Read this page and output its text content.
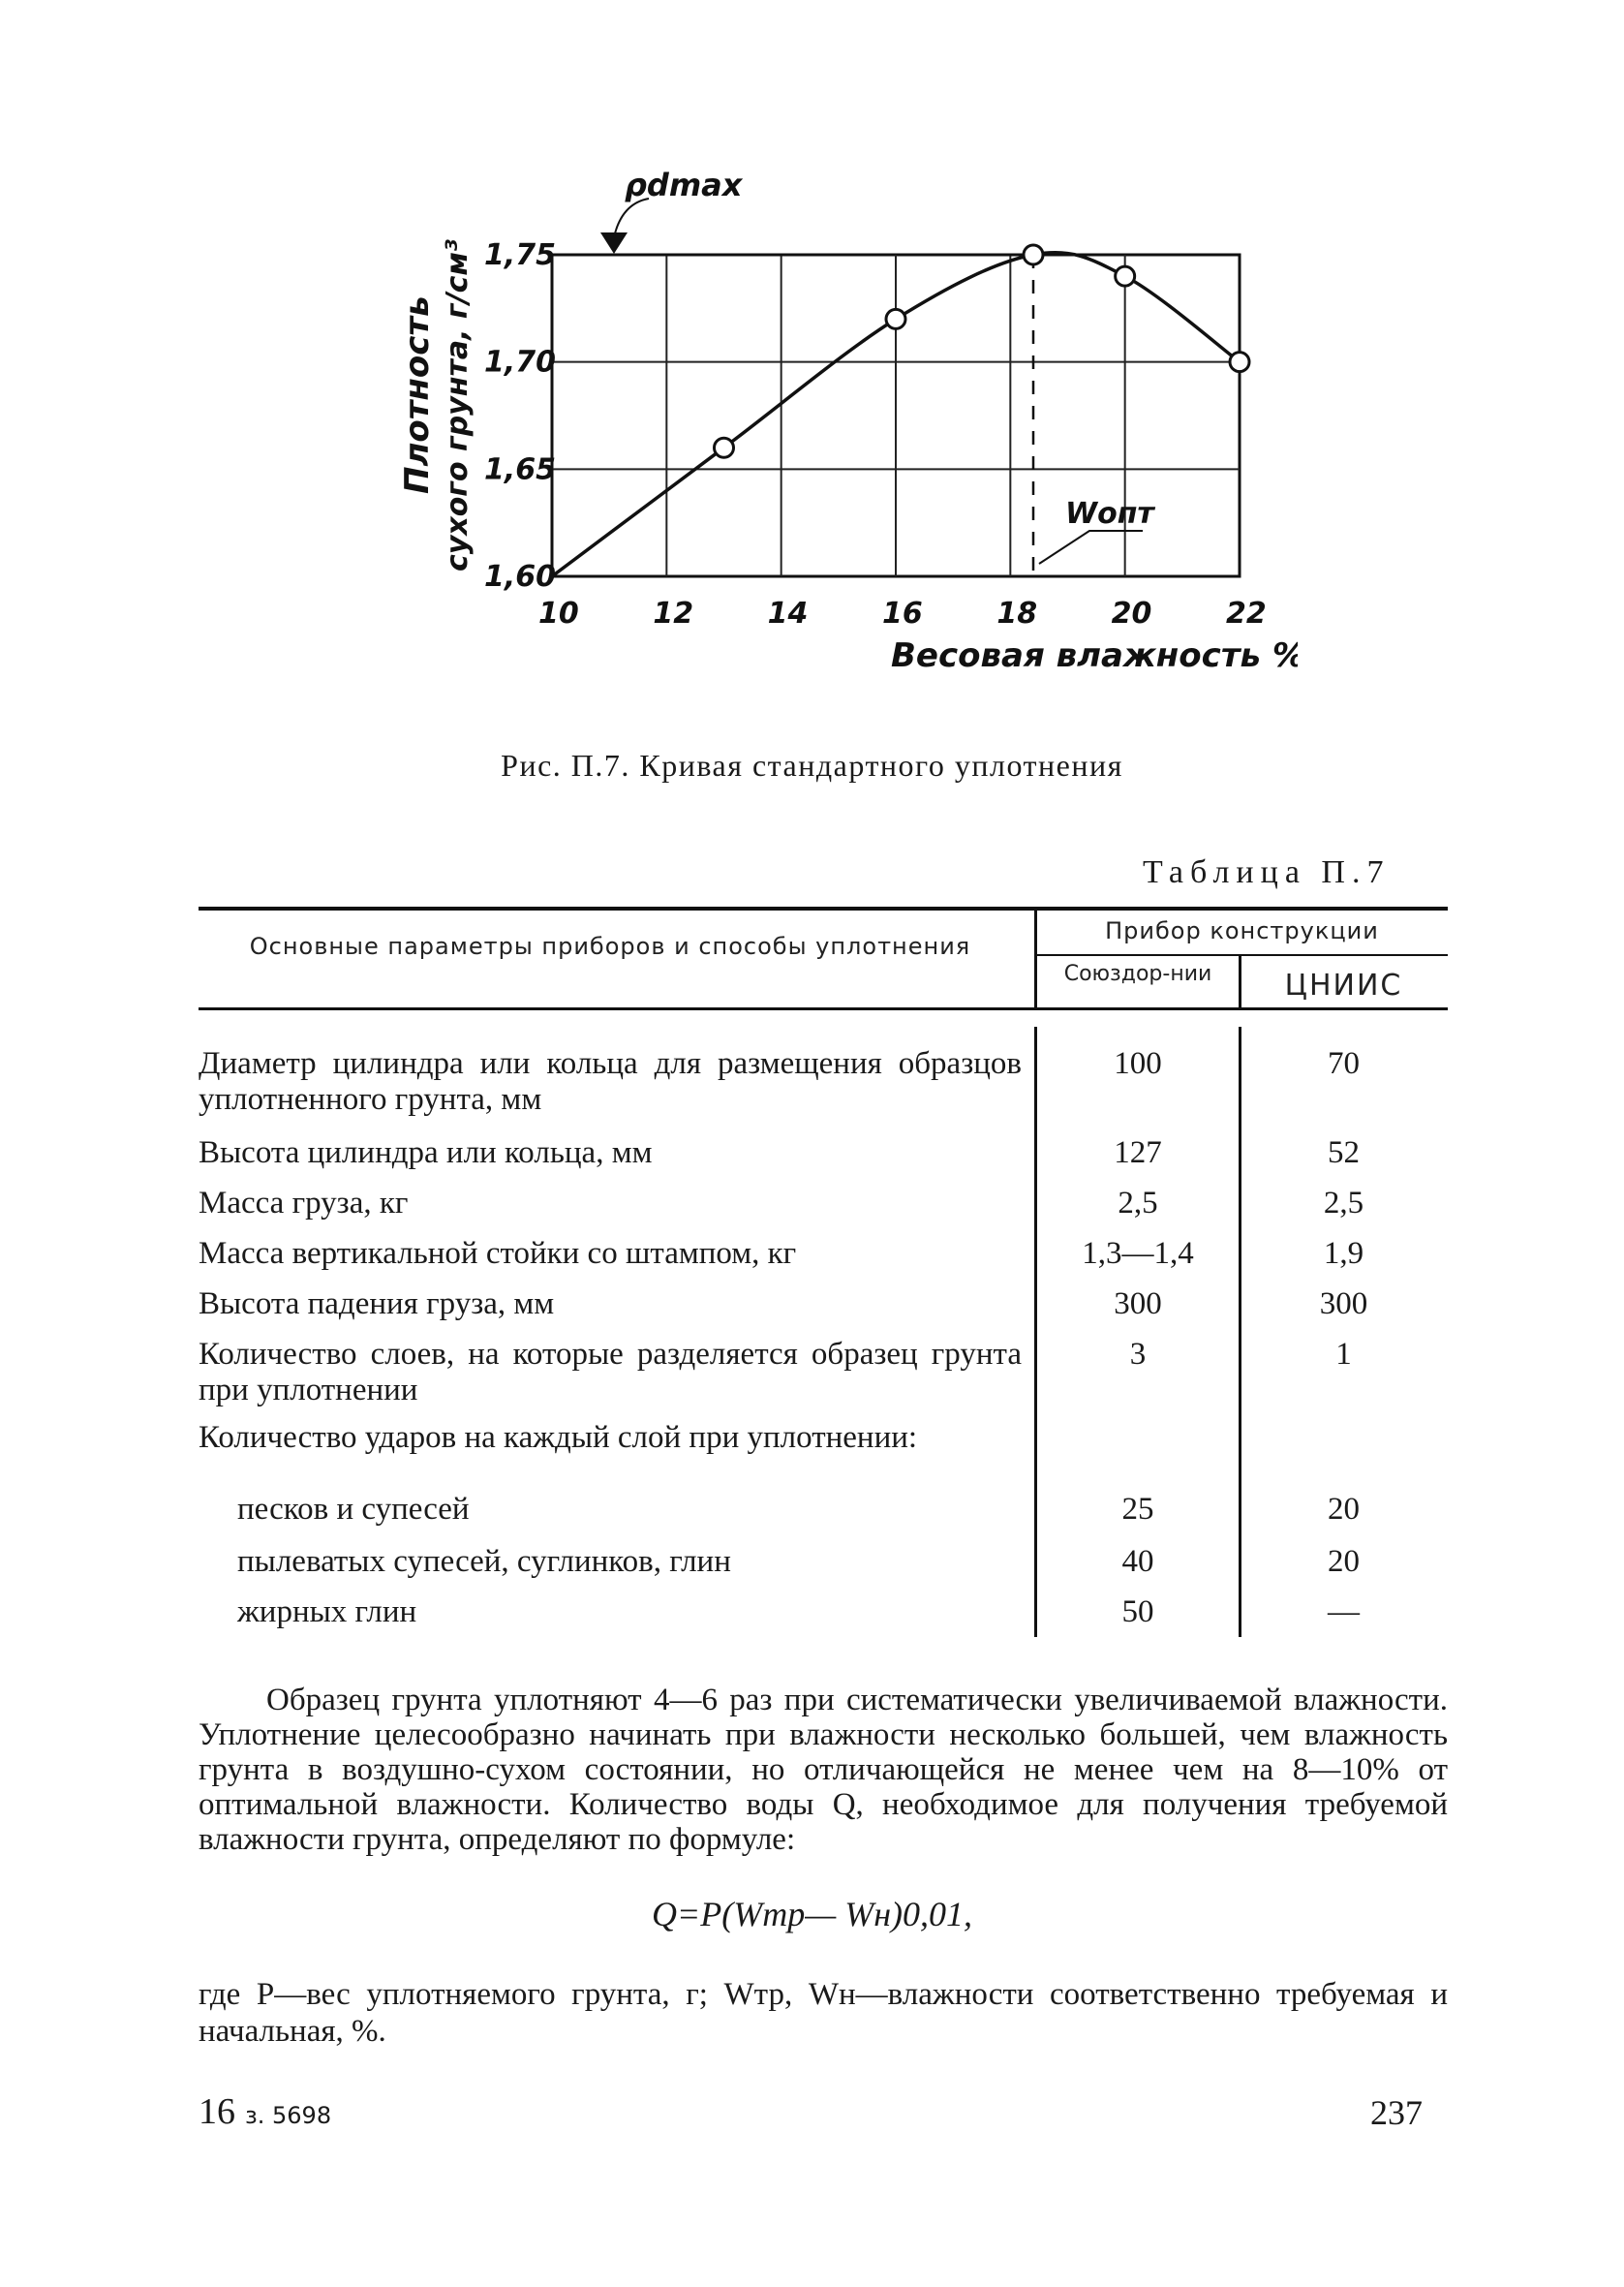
10	12	14	16	18	20	22
1,60
1,65
1,70
1,75
Плотность сухого грунта, г/см³
Весовая влажность %
ρdmax
Wопт
Рис. П.7. Кривая стандартного уплотнения
Таблица П.7
Основные параметры приборов и способы уплотнения
Прибор конструкции
Союздор-нии	ЦНИИС
Диаметр цилиндра или кольца для размещения образцов уплотненного грунта, мм
100	70
Высота цилиндра или кольца, мм	127	52
Масса груза, кг	2,5	2,5
Масса вертикальной стойки со штампом, кг	1,3—1,4	1,9
Высота падения груза, мм	300	300
Количество слоев, на которые разделяется образец грунта при уплотнении
3	1
Количество ударов на каждый слой при уплотнении:
песков и супесей	25	20
пылеватых супесей, суглинков, глин	40	20
жирных глин	50	—
Образец грунта уплотняют 4—6 раз при систематически увеличиваемой влажности. Уплотнение целесообразно начинать при влажности несколько большей, чем влажность грунта в воздушно-сухом состоянии, но отличающейся не менее чем на 8—10% от оптимальной влажности. Количество воды Q, необходимое для получения требуемой влажности грунта, определяют по формуле:
Q=P(Wтр— Wн)0,01,
где P—вес уплотняемого грунта, г; Wтр, Wн—влажности соответственно требуемая и начальная, %.
16 з. 5698	237
